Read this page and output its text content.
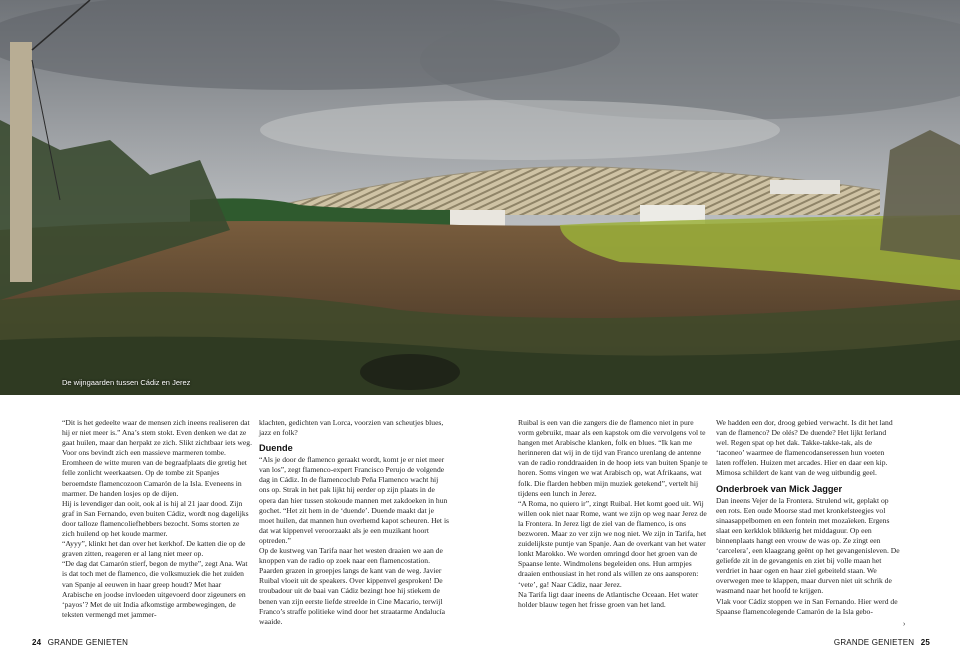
De wijngaarden tussen Cádiz en Jerez

“Dit is het gedeelte waar de mensen zich ineens realiseren dat hij er niet meer is.” Ana’s stem stokt. Even denken we dat ze gaat huilen, maar dan herpakt ze zich. Slikt zichtbaar iets weg. Voor ons bevindt zich een massieve marmeren tombe. Eromheen de witte muren van de begraafplaats die gretig het felle zonlicht weerkaatsen. Op de tombe zit Spanjes beroemdste flamencozoon Camarón de la Isla. Eveneens in marmer. De handen losjes op de dijen.
Hij is levendiger dan ooit, ook al is hij al 21 jaar dood. Zijn graf in San Fernando, even buiten Cádiz, wordt nog dagelijks door talloze flamencoliefhebbers bezocht. Soms storten ze zich huilend op het koude marmer.
“Ayyy”, klinkt het dan over het kerkhof. De katten die op de graven zitten, reageren er al lang niet meer op.
“De dag dat Camarón stierf, begon de mythe”, zegt Ana. Wat is dat toch met de flamenco, die volksmuziek die het zuiden van Spanje al eeuwen in haar greep houdt? Met haar Arabische en joodse invloeden uitgevoerd door zigeuners en ‘payos’? Met de uit India afkomstige armbewegingen, de teksten vermengd met jammer-

klachten, gedichten van Lorca, voorzien van scheutjes blues, jazz en folk?

Duende

“Als je door de flamenco geraakt wordt, komt je er niet meer van los”, zegt flamenco-expert Francisco Perujo de volgende dag in Cádiz. In de flamencoclub Peña Flamenco wacht hij ons op. Strak in het pak lijkt hij eerder op zijn plaats in de opera dan hier tussen stokoude mannen met zakdoeken in hun gochet. “Het zit hem in de ‘duende’. Duende maakt dat je moet huilen, dat mannen hun overhemd kapot scheuren. Het is dat wat kippenvel veroorzaakt als je een muzikant hoort optreden.”
Op de kustweg van Tarifa naar het westen draaien we aan de knoppen van de radio op zoek naar een flamencostation. Paarden grazen in groepjes langs de kant van de weg. Javier Ruibal vloeit uit de speakers. Over kippenvel gesproken! De troubadour uit de baai van Cádiz bezingt hoe hij stiekem de benen van zijn eerste liefde streelde in Cine Macario, terwijl Franco’s straffe politieke wind door het straatarme Andalucía waaide.

Ruibal is een van die zangers die de flamenco niet in pure vorm gebruikt, maar als een kapstok om die vervolgens vol te hangen met Arabische klanken, folk en blues. “Ik kan me herinneren dat wij in de tijd van Franco urenlang de antenne van de radio ronddraaiden in de hoop iets van buiten Spanje te horen. Soms vingen we wat Arabisch op, wat Afrikaans, wat folk. Die flarden hebben mijn muziek getekend”, vertelt hij tijdens een lunch in Jerez.
“A Roma, no quiero ir”, zingt Ruibal. Het komt goed uit. Wij willen ook niet naar Rome, want we zijn op weg naar Jerez de la Frontera. In Jerez ligt de ziel van de flamenco, is ons bezworen. Maar zo ver zijn we nog niet. We zijn in Tarifa, het zuidelijkste puntje van Spanje. Aan de overkant van het water lonkt Marokko. We worden omringd door het groen van de Spaanse lente. Windmolens begeleiden ons. Hun armpjes draaien enthousiast in het rond als willen ze ons aansporen: ‘vete’, ga! Naar Cádiz, naar Jerez.
Na Tarifa ligt daar ineens de Atlantische Oceaan. Het water holder blauw tegen het frisse groen van het land.

We hadden een dor, droog gebied verwacht. Is dit het land van de flamenco? De olés? De duende? Het lijkt Ierland wel. Regen spat op het dak. Takke-takke-tak, als de ‘taconeo’ waarmee de flamencodanseressen hun voeten laten roffelen. Huizen met arcades. Hier en daar een kip. Mimosa schildert de kant van de weg uitbundig geel.

Onderbroek van Mick Jagger

Dan ineens Vejer de la Frontera. Strulend wit, geplakt op een rots. Een oude Moorse stad met kronkelsteegjes vol sinaasappelbomen en een fontein met mozaïeken. Ergens slaat een kerkklok blikkerig het middaguur. Op een binnenplaats hangt een vrouw de was op. Ze zingt een ‘carcelera’, een klaagzang geënt op het gevangenisleven. De geliefde zit in de gevangenis en ziet bij volle maan het verdriet in haar ogen en haar ziel gebeiteld staan. We overwegen mee te klappen, maar durven niet uit schrik de wasmand naar het hoofd te krijgen.
Vlak voor Cádiz stoppen we in San Fernando. Hier werd de Spaanse flamencolegende Camarón de la Isla gebo-

›
24 GRANDE GENIETEN	GRANDE GENIETEN 25
